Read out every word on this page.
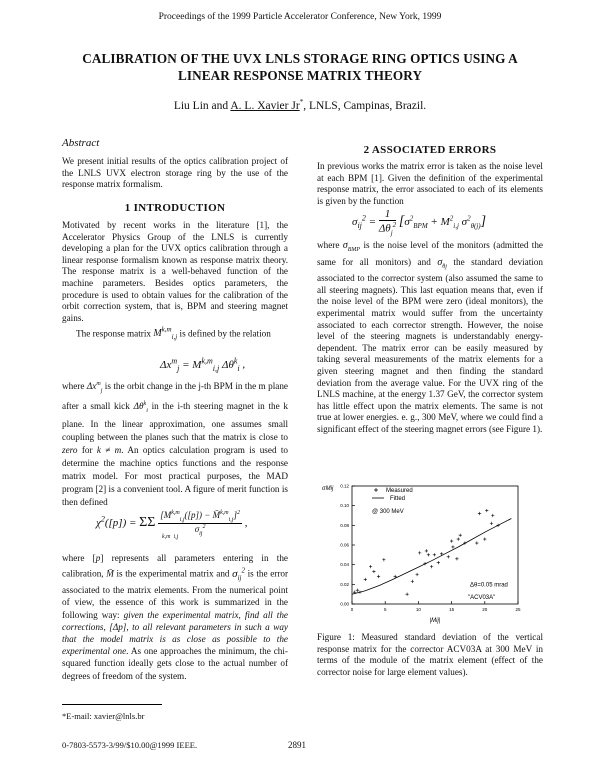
Proceedings of the 1999 Particle Accelerator Conference, New York, 1999
CALIBRATION OF THE UVX LNLS STORAGE RING OPTICS USING A
LINEAR RESPONSE MATRIX THEORY
Liu Lin and A. L. Xavier Jr*, LNLS, Campinas, Brazil.
Abstract
We present initial results of the optics calibration project of the LNLS UVX electron storage ring by the use of the response matrix formalism.
1 INTRODUCTION
Motivated by recent works in the literature [1], the Accelerator Physics Group of the LNLS is currently developing a plan for the UVX optics calibration through a linear response formalism known as response matrix theory. The response matrix is a well-behaved function of the machine parameters. Besides optics parameters, the procedure is used to obtain values for the calibration of the orbit correction system, that is, BPM and steering magnet gains.
The response matrix M$^{k,m}_{i,j}$ is defined by the relation
$\Delta x^m_j = M^{k,m}_{i,j}$ $\Delta\theta^k_i$ ,
where $\Delta x^m_j$ is the orbit change in the j-th BPM in the m plane after a small kick $\Delta\theta^k_i$ in the i-th steering magnet in the k plane. In the linear approximation, one assumes small coupling between the planes such that the matrix is close to zero for k ≠ m. An optics calculation program is used to determine the machine optics functions and the response matrix model. For most practical purposes, the MAD program [2] is a convenient tool. A figure of merit function is then defined
$\chi^2([p]) = \Sigma\Sigma$ [$M^{k,m}_{i,j}([p])$ − M̄$^{k,m}_{i,j}$]$^2$
$\sigma_{ij}^2$	,
k,m  i,j
where [p] represents all parameters entering in the calibration, M̄ is the experimental matrix and $\sigma_{ij}^2$ is the error associated to the matrix elements. From the numerical point of view, the essence of this work is summarized in the following way: given the experimental matrix, find all the corrections, [Δp], to all relevant parameters in such a way that the model matrix is as close as possible to the experimental one. As one approaches the minimum, the chi-squared function ideally gets close to the actual number of degrees of freedom of the system.
*E-mail: xavier@lnls.br
0-7803-5573-3/99/$10.00@1999 IEEE.	2891
2 ASSOCIATED ERRORS
In previous works the matrix error is taken as the noise level at each BPM [1]. Given the definition of the experimental response matrix, the error associated to each of its elements is given by the function
$\sigma_{ij}^2$ =
1
$\Delta\theta_j^2$ [$\sigma^2_{BPM} + M^2_{i,j}$ $\sigma^2_{\theta(j)}$]
where $\sigma_{BMP}$ is the noise level of the monitors (admitted the same for all monitors) and $\sigma_{\theta j}$ the standard deviation associated to the corrector system (also assumed the same to all steering magnets). This last equation means that, even if the noise level of the BPM were zero (ideal monitors), the experimental matrix would suffer from the uncertainty associated to each corrector strength. However, the noise level of the steering magnets is understandably energy-dependent. The matrix error can be easily measured by taking several measurements of the matrix elements for a given steering magnet and then finding the standard deviation from the average value. For the UVX ring of the LNLS machine, at the energy 1.37 GeV, the corrector system has little effect upon the matrix elements. The same is not true at lower energies. e. g., 300 MeV, where we could find a significant effect of the steering magnet errors (see Figure 1).
0	5	10	15	20	25
0.00
0.02
0.04
0.06
0.08
0.10
0.12
σMij
|Mij|
Measured
Fitted
@ 300 MeV
Δθ=0.05 mrad
"ACV03A"
Figure 1: Measured standard deviation of the vertical response matrix for the corrector ACV03A at 300 MeV in terms of the module of the matrix element (effect of the corrector noise for large element values).
